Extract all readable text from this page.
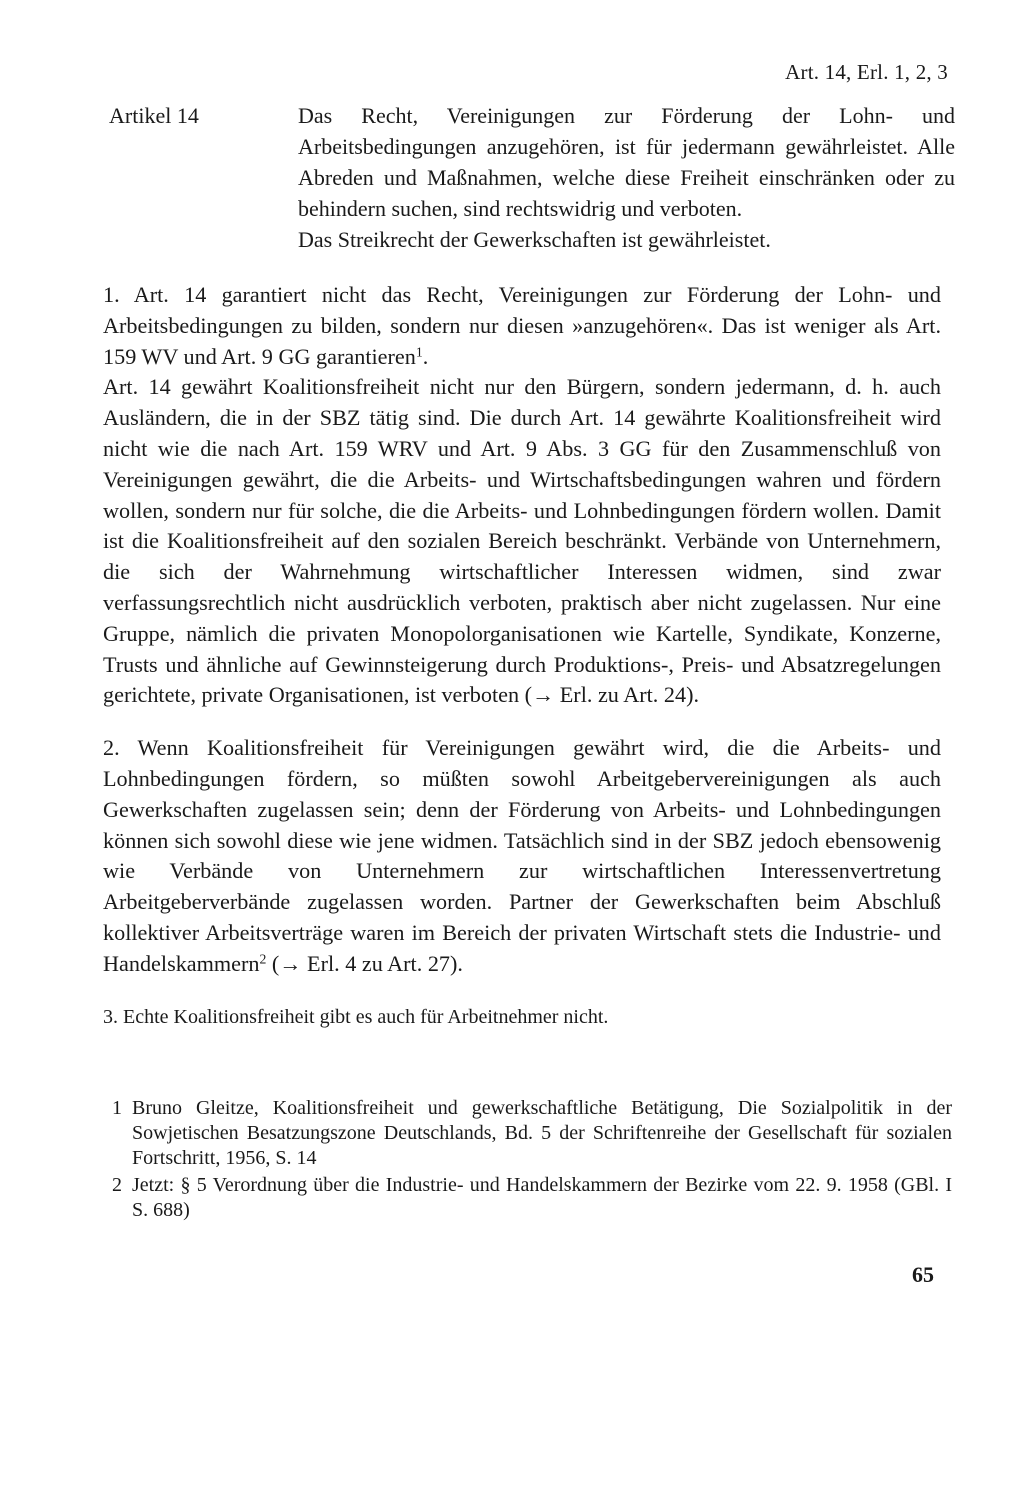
Art. 14, Erl. 1, 2, 3
Artikel 14	Das Recht, Vereinigungen zur Förderung der Lohn- und Arbeitsbedingungen anzugehören, ist für jedermann gewährleistet. Alle Abreden und Maßnahmen, welche diese Freiheit einschränken oder zu behindern suchen, sind rechtswidrig und verboten.

Das Streikrecht der Gewerkschaften ist gewährleistet.

1. Art. 14 garantiert nicht das Recht, Vereinigungen zur Förderung der Lohn- und Arbeitsbedingungen zu bilden, sondern nur diesen »anzugehören«. Das ist weniger als Art. 159 WV und Art. 9 GG garantieren$^1$.

Art. 14 gewährt Koalitionsfreiheit nicht nur den Bürgern, sondern jedermann, d. h. auch Ausländern, die in der SBZ tätig sind. Die durch Art. 14 gewährte Koalitionsfreiheit wird nicht wie die nach Art. 159 WRV und Art. 9 Abs. 3 GG für den Zusammenschluß von Vereinigungen gewährt, die die Arbeits- und Wirtschaftsbedingungen wahren und fördern wollen, sondern nur für solche, die die Arbeits- und Lohnbedingungen fördern wollen. Damit ist die Koalitionsfreiheit auf den sozialen Bereich beschränkt. Verbände von Unternehmern, die sich der Wahrnehmung wirtschaftlicher Interessen widmen, sind zwar verfassungsrechtlich nicht ausdrücklich verboten, praktisch aber nicht zugelassen. Nur eine Gruppe, nämlich die privaten Monopolorganisationen wie Kartelle, Syndikate, Konzerne, Trusts und ähnliche auf Gewinnsteigerung durch Produktions-, Preis- und Absatzregelungen gerichtete, private Organisationen, ist verboten (→ Erl. zu Art. 24).

2. Wenn Koalitionsfreiheit für Vereinigungen gewährt wird, die die Arbeits- und Lohnbedingungen fördern, so müßten sowohl Arbeitgebervereinigungen als auch Gewerkschaften zugelassen sein; denn der Förderung von Arbeits- und Lohnbedingungen können sich sowohl diese wie jene widmen. Tatsächlich sind in der SBZ jedoch ebensowenig wie Verbände von Unternehmern zur wirtschaftlichen Interessenvertretung Arbeitgeberverbände zugelassen worden. Partner der Gewerkschaften beim Abschluß kollektiver Arbeitsverträge waren im Bereich der privaten Wirtschaft stets die Industrie- und Handelskammern$^2$ (→ Erl. 4 zu Art. 27).

3. Echte Koalitionsfreiheit gibt es auch für Arbeitnehmer nicht.

1 Bruno Gleitze, Koalitionsfreiheit und gewerkschaftliche Betätigung, Die Sozialpolitik in der Sowjetischen Besatzungszone Deutschlands, Bd. 5 der Schriftenreihe der Gesellschaft für sozialen Fortschritt, 1956, S. 14
2 Jetzt: § 5 Verordnung über die Industrie- und Handelskammern der Bezirke vom 22. 9. 1958 (GBl. I S. 688)
65
